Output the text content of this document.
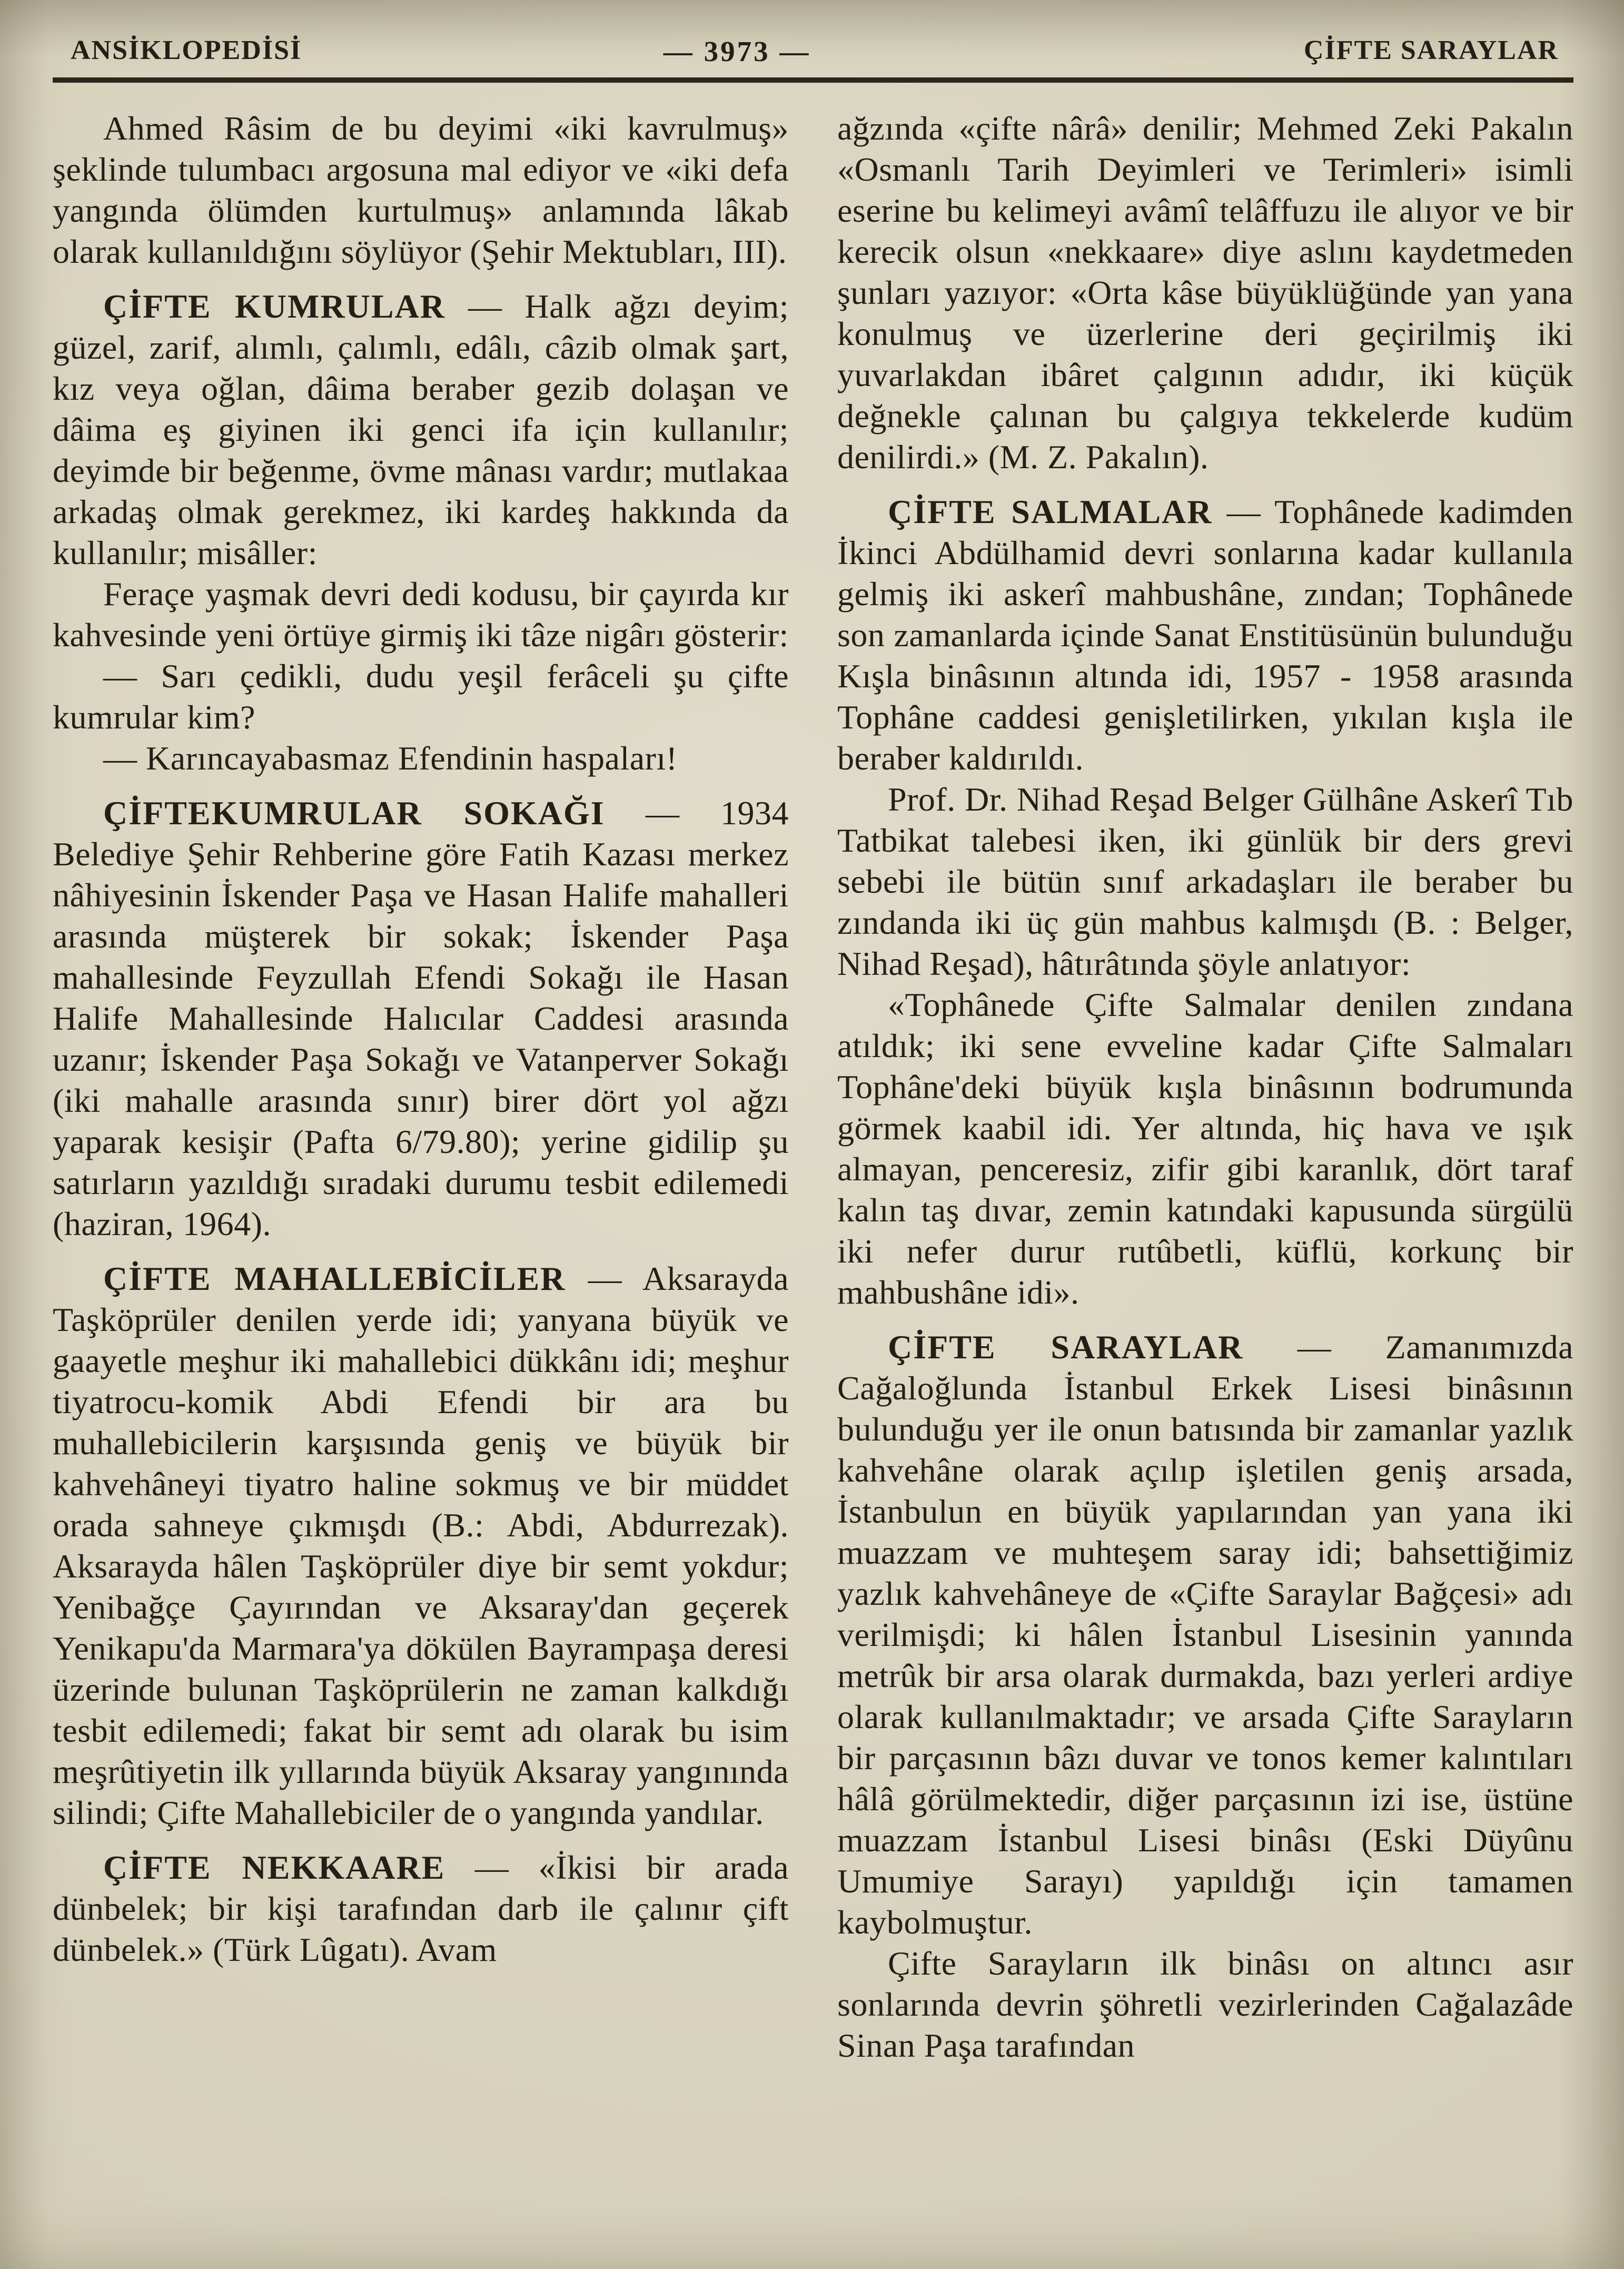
ANSİKLOPEDİSİ	— 3973 —	ÇİFTE SARAYLAR

Ahmed Râsim de bu deyimi «iki kavrulmuş» şeklinde tulumbacı argosuna mal ediyor ve «iki defa yangında ölümden kurtulmuş» anlamında lâkab olarak kullanıldığını söylüyor (Şehir Mektubları, III).

ÇİFTE KUMRULAR — Halk ağzı deyim; güzel, zarif, alımlı, çalımlı, edâlı, câzib olmak şart, kız veya oğlan, dâima beraber gezib dolaşan ve dâima eş giyinen iki genci ifa için kullanılır; deyimde bir beğenme, övme mânası vardır; mutlakaa arkadaş olmak gerekmez, iki kardeş hakkında da kullanılır; misâller:

Feraçe yaşmak devri dedi kodusu, bir çayırda kır kahvesinde yeni örtüye girmiş iki tâze nigârı gösterir:

— Sarı çedikli, dudu yeşil ferâceli şu çifte kumrular kim?

— Karıncayabasmaz Efendinin haspaları!

ÇİFTEKUMRULAR SOKAĞI — 1934 Belediye Şehir Rehberine göre Fatih Kazası merkez nâhiyesinin İskender Paşa ve Hasan Halife mahalleri arasında müşterek bir sokak; İskender Paşa mahallesinde Feyzullah Efendi Sokağı ile Hasan Halife Mahallesinde Halıcılar Caddesi arasında uzanır; İskender Paşa Sokağı ve Vatanperver Sokağı (iki mahalle arasında sınır) birer dört yol ağzı yaparak kesişir (Pafta 6/79.80); yerine gidilip şu satırların yazıldığı sıradaki durumu tesbit edilemedi (haziran, 1964).

ÇİFTE MAHALLEBİCİLER — Aksarayda Taşköprüler denilen yerde idi; yanyana büyük ve gaayetle meşhur iki mahallebici dükkânı idi; meşhur tiyatrocu-komik Abdi Efendi bir ara bu muhallebicilerin karşısında geniş ve büyük bir kahvehâneyi tiyatro haline sokmuş ve bir müddet orada sahneye çıkmışdı (B.: Abdi, Abdurrezak). Aksarayda hâlen Taşköprüler diye bir semt yokdur; Yenibağçe Çayırından ve Aksaray'dan geçerek Yenikapu'da Marmara'ya dökülen Bayrampaşa deresi üzerinde bulunan Taşköprülerin ne zaman kalkdığı tesbit edilemedi; fakat bir semt adı olarak bu isim meşrûtiyetin ilk yıllarında büyük Aksaray yangınında silindi; Çifte Mahallebiciler de o yangında yandılar.

ÇİFTE NEKKAARE — «İkisi bir arada dünbelek; bir kişi tarafından darb ile çalınır çift dünbelek.» (Türk Lûgatı). Avam

ağzında «çifte nârâ» denilir; Mehmed Zeki Pakalın «Osmanlı Tarih Deyimleri ve Terimleri» isimli eserine bu kelimeyi avâmî telâffuzu ile alıyor ve bir kerecik olsun «nekkaare» diye aslını kaydetmeden şunları yazıyor: «Orta kâse büyüklüğünde yan yana konulmuş ve üzerlerine deri geçirilmiş iki yuvarlakdan ibâret çalgının adıdır, iki küçük değnekle çalınan bu çalgıya tekkelerde kudüm denilirdi.» (M. Z. Pakalın).

ÇİFTE SALMALAR — Tophânede kadimden İkinci Abdülhamid devri sonlarına kadar kullanıla gelmiş iki askerî mahbushâne, zından; Tophânede son zamanlarda içinde Sanat Enstitüsünün bulunduğu Kışla binâsının altında idi, 1957 - 1958 arasında Tophâne caddesi genişletilirken, yıkılan kışla ile beraber kaldırıldı.

Prof. Dr. Nihad Reşad Belger Gülhâne Askerî Tıb Tatbikat talebesi iken, iki günlük bir ders grevi sebebi ile bütün sınıf arkadaşları ile beraber bu zındanda iki üç gün mahbus kalmışdı (B. : Belger, Nihad Reşad), hâtırâtında şöyle anlatıyor:

«Tophânede Çifte Salmalar denilen zındana atıldık; iki sene evveline kadar Çifte Salmaları Tophâne'deki büyük kışla binâsının bodrumunda görmek kaabil idi. Yer altında, hiç hava ve ışık almayan, penceresiz, zifir gibi karanlık, dört taraf kalın taş dıvar, zemin katındaki kapusunda sürgülü iki nefer durur rutûbetli, küflü, korkunç bir mahbushâne idi».

ÇİFTE SARAYLAR — Zamanımızda Cağaloğlunda İstanbul Erkek Lisesi binâsının bulunduğu yer ile onun batısında bir zamanlar yazlık kahvehâne olarak açılıp işletilen geniş arsada, İstanbulun en büyük yapılarından yan yana iki muazzam ve muhteşem saray idi; bahsettiğimiz yazlık kahvehâneye de «Çifte Saraylar Bağçesi» adı verilmişdi; ki hâlen İstanbul Lisesinin yanında metrûk bir arsa olarak durmakda, bazı yerleri ardiye olarak kullanılmaktadır; ve arsada Çifte Sarayların bir parçasının bâzı duvar ve tonos kemer kalıntıları hâlâ görülmektedir, diğer parçasının izi ise, üstüne muazzam İstanbul Lisesi binâsı (Eski Düyûnu Umumiye Sarayı) yapıldığı için tamamen kaybolmuştur.

Çifte Sarayların ilk binâsı on altıncı asır sonlarında devrin şöhretli vezirlerinden Cağalazâde Sinan Paşa tarafından
